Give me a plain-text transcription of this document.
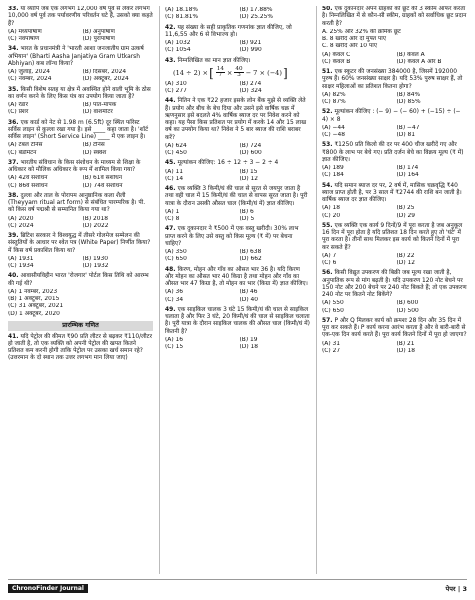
33. या व्यापि जब एक लगभग 12,000 वर्ष पूर्व से लेकर लगभग 10,000 वर्ष पूर्व तक पर्यावरणीय परिवर्तन घटे हैं, उसको क्या कहते हैं?
(A) मध्यपाषाण	(B) अनुपाषाण
(C) नवपाषाण	(D) पुरापाषाण
34. भारत के प्रधानमंत्री ने 'भारती आशा जनजातीय ग्राम उत्कर्ष अभियान' (Bharti Aasha Janjatiya Gram Utkarsh Abhiyan) कब लॉन्च किया?
(A) जुलाई, 2024	(B) दिसंबर, 2024
(C) नवम्बर, 2024	(D) अक्टूबर, 2024
35. किसी विशेष सतह या क्षेत्र में अवस्थित होने वाली भूमि के ठोस का वर्णन करने के लिए किस यंत्र का उपयोग किया जाता है?
(A) रेडार	(B) पात-मापक
(C) प्रेशर	(D) वाशमीटर
36. एक कार्ड को नेट से 1.98 m (6.5ft) दूर स्थित फॉरेस्ट सर्विस लाइन से कुल्ला रखा गया है। इसे ____ कहा जाता है। 'शॉर्ट सर्विस लाइन' (Short Service Line) ____ में एक लाइन है।
(A) टेबल टेनिस	(B) टेनिस
(C) बैडमिंटन	(D) स्क्वैश
37. भारतीय संविधान के किस संशोधन के माध्यम से शिक्षा के अधिकार को मौलिक अधिकार के रूप में शामिल किया गया?
(A) 42वें संशोधन	(B) 61वें संशोधन
(C) 86वें संशोधन	(D) 74वें संशोधन
38. दुल्ला और ताल के पोरापम आनुष्ठानिक कला शैली (Theyyam ritual art form) से संबंधित पारम्परिक है। पी. को किस वर्ष पद्मश्री से सम्मानित किया गया था?
(A) 2020	(B) 2018
(C) 2024	(D) 2022
39. ब्रिटिश सरकार ने विश्वयुद्ध में तीसरे गोलमेज सम्मेलन की संस्तुतियों के आधार पर श्वेत पत्र (White Paper) निर्णीत किया? में किस वर्ष प्रकाशित किया था?
(A) 1931	(B) 1930
(C) 1934	(D) 1932
40. आवासीयविहीन भारत 'रोजगार' पोर्टल किस तिथि को आरम्भ की गई थी?
(A) 1 नवम्बर, 2023
(B) 1 अक्टूबर, 2015
(C) 31 अक्टूबर, 2021
(D) 1 अक्टूबर, 2020
प्रारम्भिक गणित
41. यदि पेट्रोल की कीमत ₹90 प्रति लीटर से बढ़कर ₹110/लीटर हो जाती है, तो एक व्यक्ति को अपनी पेट्रोल की खपत कितने प्रतिशत कम करनी होगी ताकि पेट्रोल पर उसका खर्च समान रहे? (उत्तरमान के दो स्थान तक उत्तर लगभग मान लिया जाए)
(A) 18.18%	(B) 17.88%
(C) 81.81%	(D) 25.25%
42. यह संख्या के सही प्राकृतिक गणनांक ज्ञात कीजिए, जो 11,6,55 और 6 से विभाज्य हो।
(A) 1032	(B) 921
(C) 1054	(D) 990
43. निम्नलिखित का मान ज्ञात कीजिए।
(14 ÷ 2) × [ $\frac{14}{7} \times \frac{40}{3} - 7 \times (-4)$ ]
(A) 310	(B) 274
(C) 277	(D) 324
44. नितिन ने एक ₹22 हजार इसके लोन बैंक मुझे से व्यक्ति लेते हैं। प्रयोग और बीच के बेच दिया और उसने इसे वार्षिक चक्र में ऋणनुसार इसे बदलते 4% वार्षिक ब्याज दर पर निवेश करने को कहा। यह पैसा किस प्रतिशत पर प्रयोग में करके 14 और 15 लाख वर्ष का उपयोग किया था? निवेश ने 5 बार ब्याज की राशि बराबर करें?
(A) 624	(B) 724
(C) 450	(D) 600
45. मूल्यांकन कीजिए: 16 ÷ 12 ÷ 3 − 2 ÷ 4
(A) 11	(B) 15
(C) 14	(D) 12
46. एक व्यक्ति 3 किमी/घं की चाल से सूरत से जयपुर जाता है तथा वही चाल में 15 किमी/घं की चाल से वापस सूरत जाता है। पूरी यात्रा के दौरान उसकी औसत चाल (किमी/घं में) ज्ञात कीजिए।
(A) 1	(B) 6
(C) 8	(D) 5
47. एक दुकानदार ने ₹500 में एक वस्तु खरीदी। 30% लाभ प्राप्त करने के लिए उसे वस्तु को किस मूल्य (₹ में) पर बेचना चाहिए?
(A) 350	(B) 638
(C) 650	(D) 662
48. किरण, मोहन और गाँव का औसत भार 36 है। यदि किरण और मोहन का औसत भार 40 किग्रा है तथा मोहन और गाँव का औसत भार 47 किग्रा है, तो मोहन का भार (किग्रा में) ज्ञात कीजिए।
(A) 36	(B) 46
(C) 34	(D) 40
49. एक साइकिल चालक 3 घंटे 15 किमी/घं की चाल से साइकिल चलाता है और फिर 3 घंटे, 20 किमी/घं की चाल से साइकिल चलाता है। पूरी यात्रा के दौरान साइकिल चालक की औसत चाल (किमी/घं में) कितनी है?
(A) 16	(B) 19
(C) 15	(D) 18
50. एक दुकानदार अपने ग्राहकों को छूट की 3 स्कीम ऑफर करता है। निम्नलिखित में से कौन-सी स्कीम, ग्राहकों को सर्वाधिक छूट प्रदान करती है?
A. 25% और 32% की क्रमिक छूट
B. 8 खरीदें और दो मुफ्त पाएं
C. 8 खरीदें और 10 पाएं
(A) केवल C	(B) केवल A
(C) केवल B	(D) केवल A और B
51. एक स्कूटर की जनसंख्या 384000 है, जिसमें 192000 पुरुष हैं। 60% जनसंख्या साक्षर है। यदि 53% पुरुष साक्षर हैं, तो साक्षर महिलाओं का प्रतिशत कितना होगा?
(A) 82%	(B) 84%
(C) 87%	(D) 85%
52. मूल्यांकन कीजिए : (− 9) − (− 60) + (−15) ÷ (− 4) × 8
(A) −44	(B) −47
(C) −48	(D) 81
53. ₹1250 प्रति किलो की दर पर 400 चीज खरीदें गए और ₹800 के लाभ पर बेचे गए। प्रति दर्जन बेचे का विक्रय मूल्य (₹ में) ज्ञात कीजिए।
(A) 189	(B) 174
(C) 184	(D) 164
54. यदि समान ब्याज दर पर, 2 वर्ष में, मासिक चक्रवृद्धि ₹40 ब्याज प्राप्त होती है, पर 3 साल में ₹2744 की राशि बन जाती है। वार्षिक ब्याज दर ज्ञात कीजिए।
(A) 18	(B) 25
(C) 20	(D) 29
55. एक व्यक्ति एक कार्य 9 दिनों/9 में पूरा करता है जब अनुकूल 16 दिन में पूरा होता है यदि प्रतिशत 18 दिन करते हुए तो 'घंटे' में पूरा करता है। तीनों साथ मिलकर इस कार्य को कितने दिनों में पूरा कर सकते हैं?
(A) 7	(B) 22
(C) 6	(D) 12
56. किसी विद्युत उपकरण की बिक्री जब मूल्य रखा जाती है, अनुपातिक रूप से मांग बढ़ती है। यदि उपकरण 120 नोट बेचने पर 150 नोट और 200 बेचने पर 240 नोट बिकते हैं; तो एक उपकरण 240 नोट पर कितने नोट बिकेंगे?
(A) 550	(B) 600
(C) 650	(D) 500
57. P और Q मिलकर कार्य को क्रमशः 28 दिन और 35 दिन में पूरा कर सकते हैं। P कार्य करना आरंभ करता है और वे बारी-बारी से एक-एक दिन कार्य करते हैं। पूरा कार्य कितने दिनों में पूरा हो जाएगा?
(A) 31	(B) 21
(C) 27	(D) 18
ChronoFinder Journal	पेपर | 3
